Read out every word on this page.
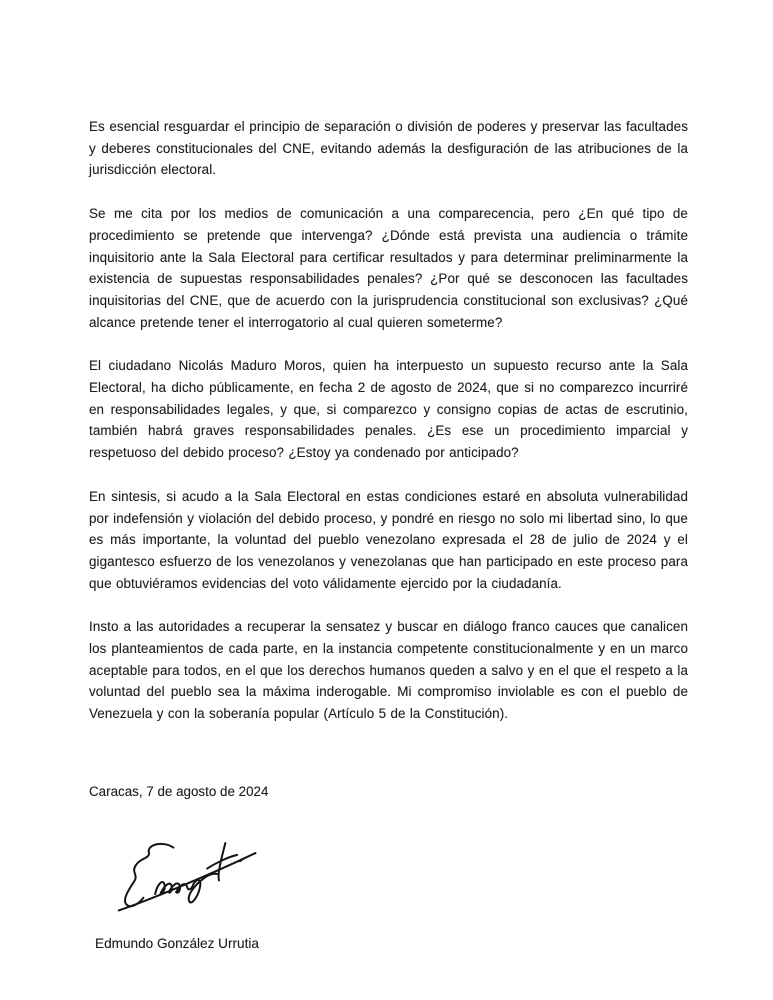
Es esencial resguardar el principio de separación o división de poderes y preservar las facultades y deberes constitucionales del CNE, evitando además la desfiguración de las atribuciones de la jurisdicción electoral.

Se me cita por los medios de comunicación a una comparecencia, pero ¿En qué tipo de procedimiento se pretende que intervenga? ¿Dónde está prevista una audiencia o trámite inquisitorio ante la Sala Electoral para certificar resultados y para determinar preliminarmente la existencia de supuestas responsabilidades penales? ¿Por qué se desconocen las facultades inquisitorias del CNE, que de acuerdo con la jurisprudencia constitucional son exclusivas? ¿Qué alcance pretende tener el interrogatorio al cual quieren someterme?

El ciudadano Nicolás Maduro Moros, quien ha interpuesto un supuesto recurso ante la Sala Electoral, ha dicho públicamente, en fecha 2 de agosto de 2024, que si no comparezco incurriré en responsabilidades legales, y que, si comparezco y consigno copias de actas de escrutinio, también habrá graves responsabilidades penales. ¿Es ese un procedimiento imparcial y respetuoso del debido proceso? ¿Estoy ya condenado por anticipado?

En sintesis, si acudo a la Sala Electoral en estas condiciones estaré en absoluta vulnerabilidad por indefensión y violación del debido proceso, y pondré en riesgo no solo mi libertad sino, lo que es más importante, la voluntad del pueblo venezolano expresada el 28 de julio de 2024 y el gigantesco esfuerzo de los venezolanos y venezolanas que han participado en este proceso para que obtuviéramos evidencias del voto válidamente ejercido por la ciudadanía.

Insto a las autoridades a recuperar la sensatez y buscar en diálogo franco cauces que canalicen los planteamientos de cada parte, en la instancia competente constitucionalmente y en un marco aceptable para todos, en el que los derechos humanos queden a salvo y en el que el respeto a la voluntad del pueblo sea la máxima inderogable. Mi compromiso inviolable es con el pueblo de Venezuela y con la soberanía popular (Artículo 5 de la Constitución).

Caracas, 7 de agosto de 2024

Edmundo González Urrutia
